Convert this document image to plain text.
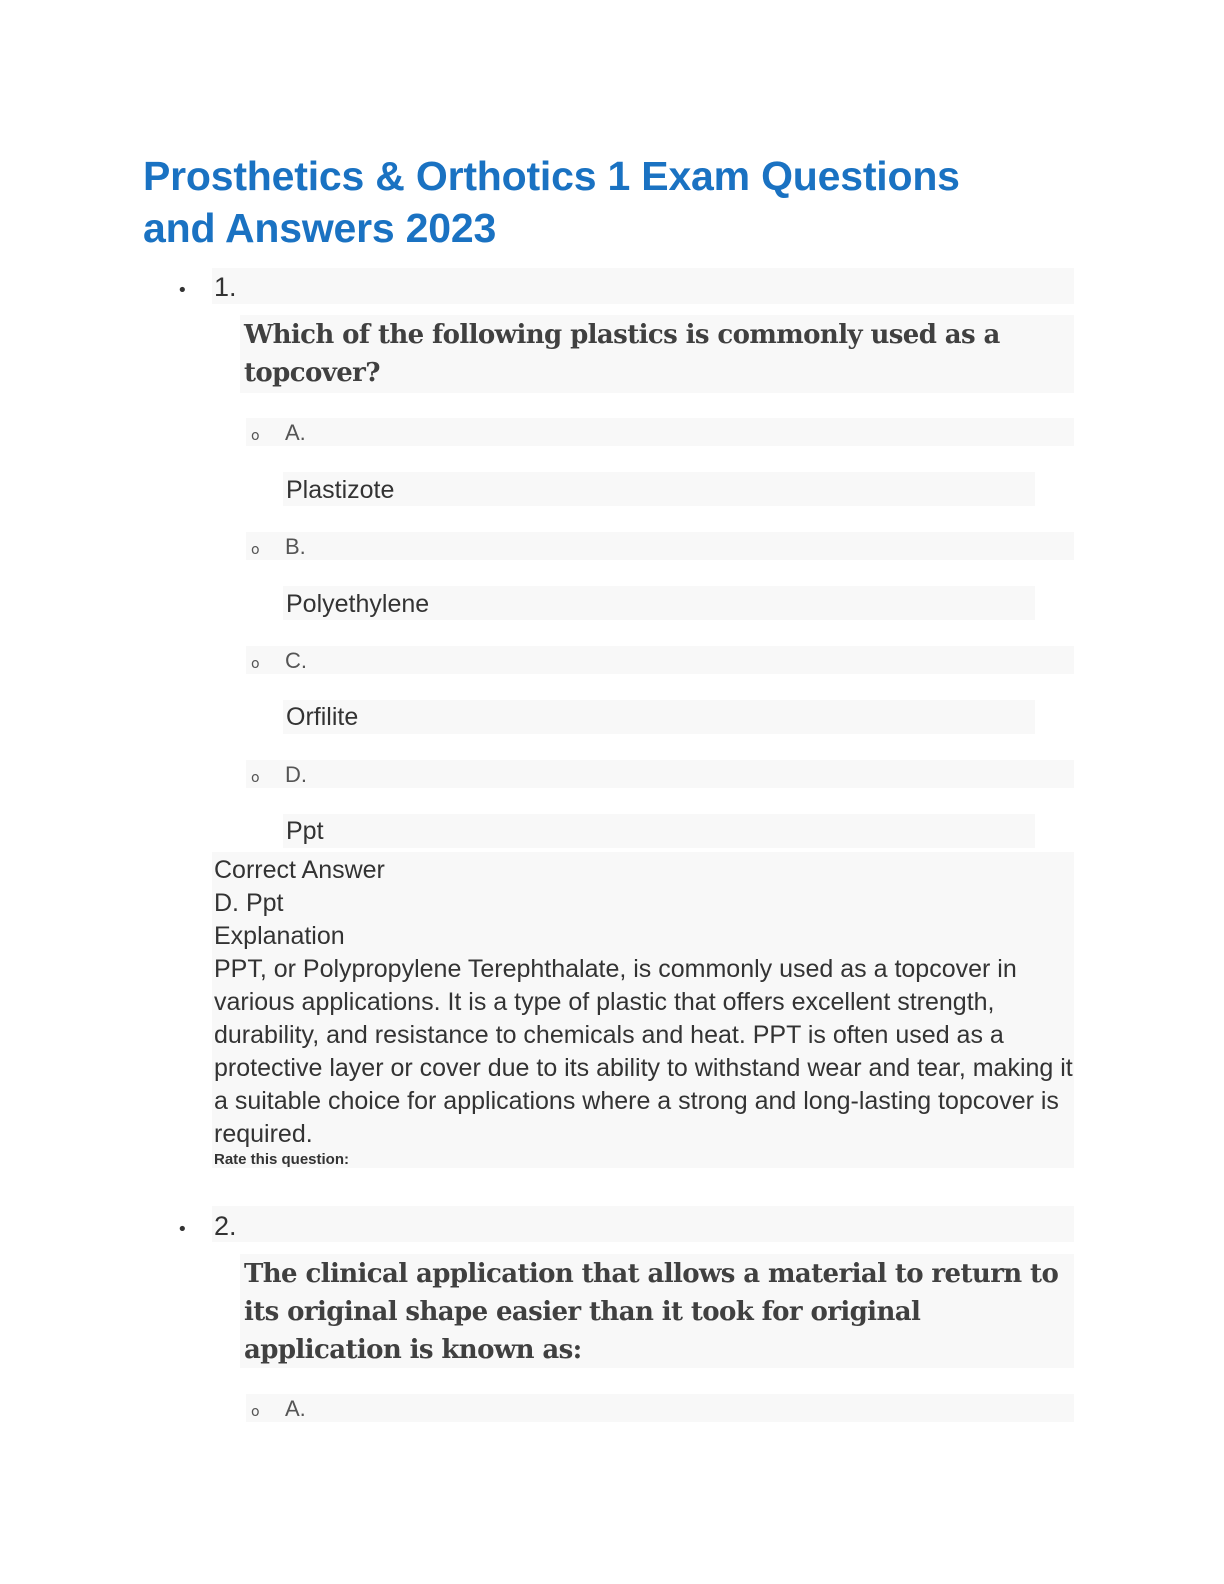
Prosthetics & Orthotics 1 Exam Questions and Answers 2023
• 1.

Which of the following plastics is commonly used as a topcover?

o A.
Plastizote
o B.
Polyethylene
o C.
Orfilite
o D.
Ppt
Correct Answer
D. Ppt
Explanation
PPT, or Polypropylene Terephthalate, is commonly used as a topcover in various applications. It is a type of plastic that offers excellent strength, durability, and resistance to chemicals and heat. PPT is often used as a protective layer or cover due to its ability to withstand wear and tear, making it a suitable choice for applications where a strong and long-lasting topcover is required.
Rate this question:
• 2.

The clinical application that allows a material to return to its original shape easier than it took for original application is known as:

o A.
